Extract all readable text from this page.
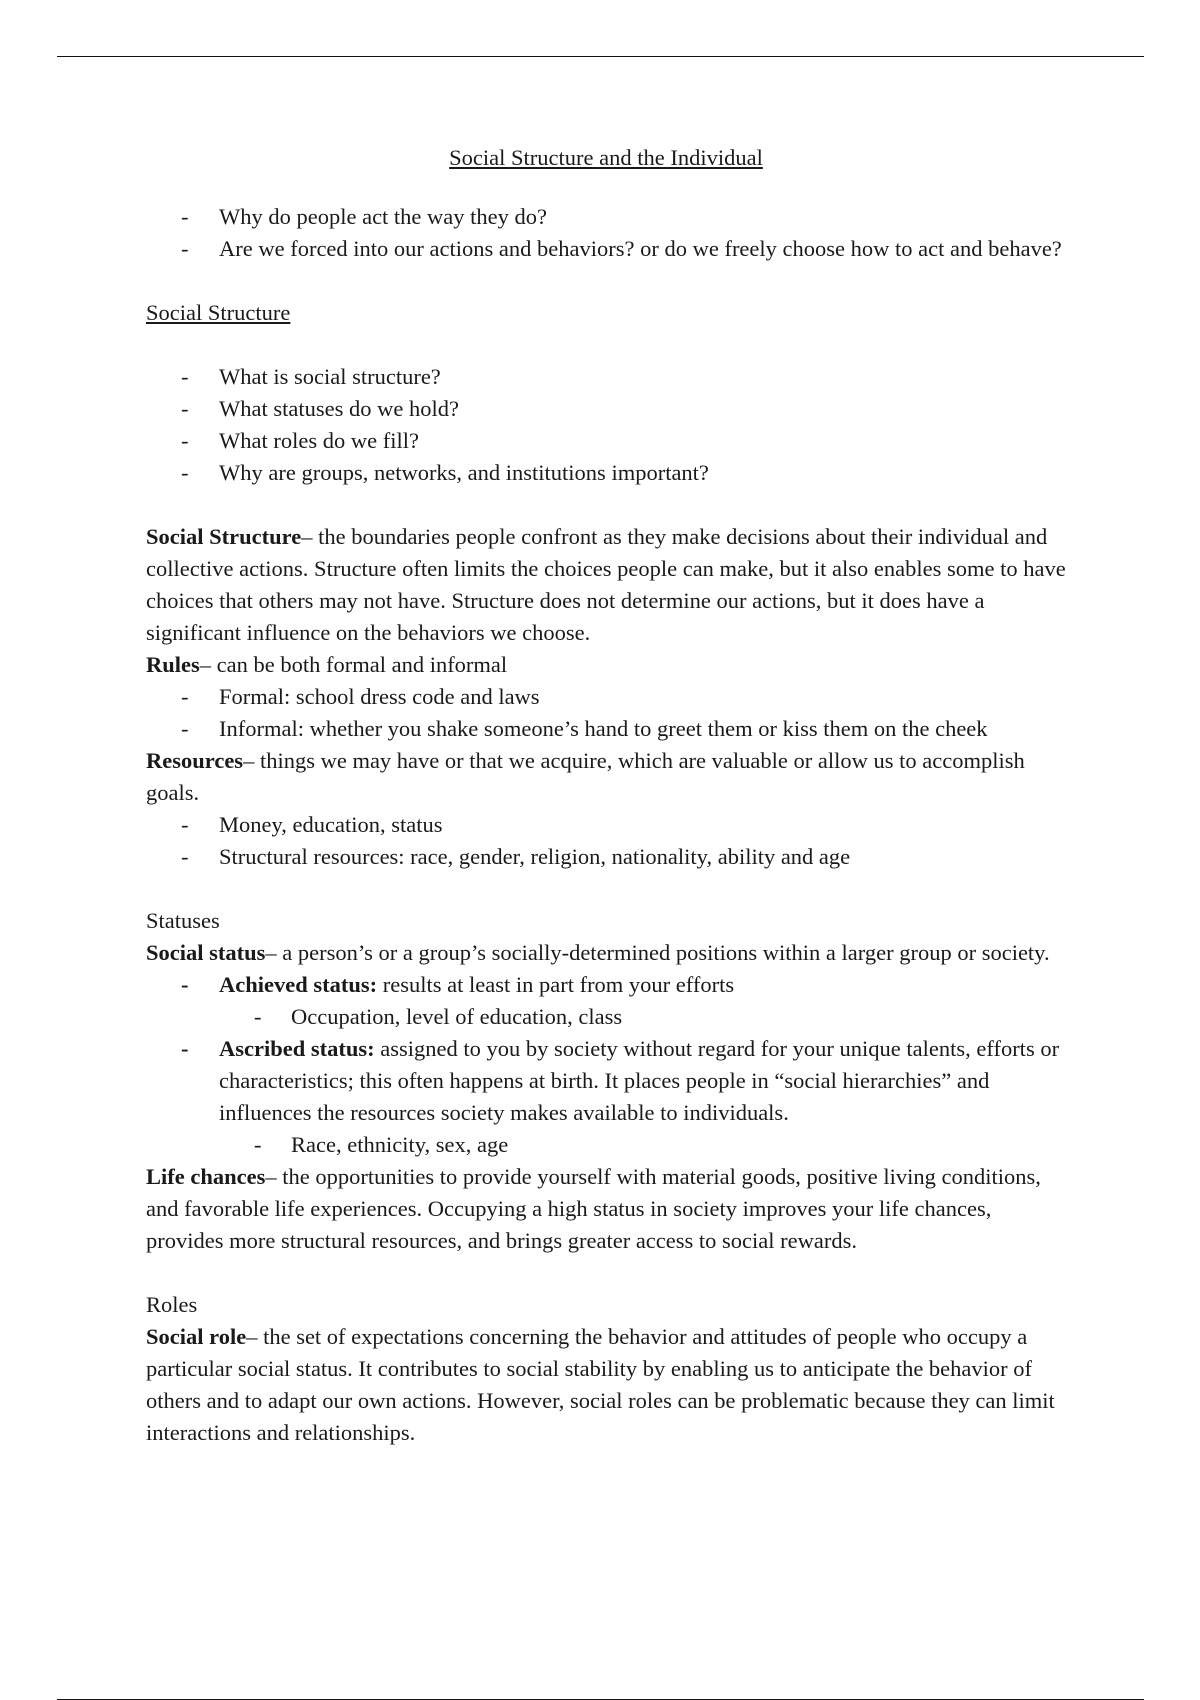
Social Structure and the Individual
- Why do people act the way they do?
- Are we forced into our actions and behaviors? or do we freely choose how to act and behave?

Social Structure

- What is social structure?
- What statuses do we hold?
- What roles do we fill?
- Why are groups, networks, and institutions important?

Social Structure– the boundaries people confront as they make decisions about their individual and collective actions. Structure often limits the choices people can make, but it also enables some to have choices that others may not have. Structure does not determine our actions, but it does have a significant influence on the behaviors we choose.

Rules– can be both formal and informal

- Formal: school dress code and laws
- Informal: whether you shake someone’s hand to greet them or kiss them on the cheek

Resources– things we may have or that we acquire, which are valuable or allow us to accomplish goals.

- Money, education, status
- Structural resources: race, gender, religion, nationality, ability and age

Statuses

Social status– a person’s or a group’s socially-determined positions within a larger group or society.

- Achieved status: results at least in part from your efforts
- Occupation, level of education, class
- Ascribed status: assigned to you by society without regard for your unique talents, efforts or characteristics; this often happens at birth. It places people in “social hierarchies” and influences the resources society makes available to individuals.
- Race, ethnicity, sex, age

Life chances– the opportunities to provide yourself with material goods, positive living conditions, and favorable life experiences. Occupying a high status in society improves your life chances, provides more structural resources, and brings greater access to social rewards.

Roles

Social role– the set of expectations concerning the behavior and attitudes of people who occupy a particular social status. It contributes to social stability by enabling us to anticipate the behavior of others and to adapt our own actions. However, social roles can be problematic because they can limit interactions and relationships.
